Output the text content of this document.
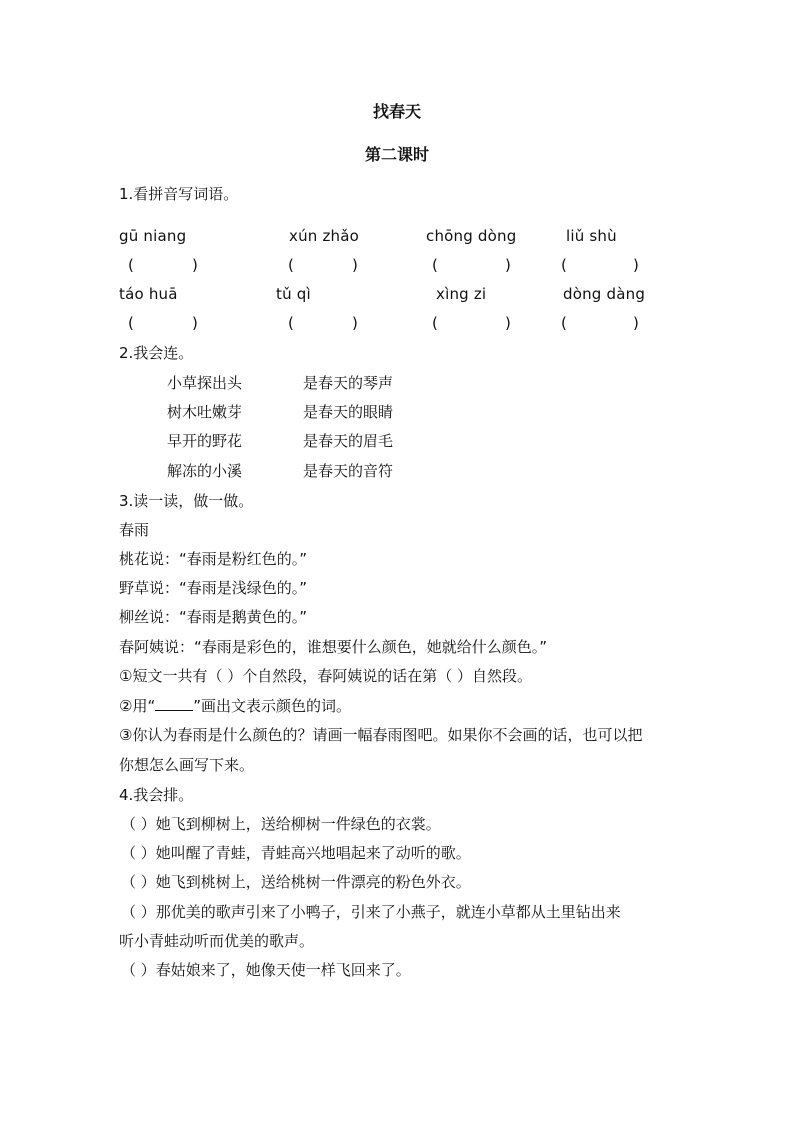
找春天
第二课时
1.看拼音写词语。
gū niang	xún zhǎo	chōng dòng	liǔ shù
(	)	(	)	(	)	(	)
táo huā	tǔ qì	xìng zi	dòng dàng
(	)	(	)	(	)	(	)
2.我会连。
小草探出头	是春天的琴声
树木吐嫩芽	是春天的眼睛
早开的野花	是春天的眉毛
解冻的小溪	是春天的音符
3.读一读，做一做。
春雨
桃花说：“春雨是粉红色的。”
野草说：“春雨是浅绿色的。”
柳丝说：“春雨是鹅黄色的。”
春阿姨说：“春雨是彩色的，谁想要什么颜色，她就给什么颜色。”
①短文一共有（ ）个自然段，春阿姨说的话在第（ ）自然段。
②用“	”画出文表示颜色的词。
③你认为春雨是什么颜色的？请画一幅春雨图吧。如果你不会画的话，也可以把
你想怎么画写下来。
4.我会排。
（ ）她飞到柳树上，送给柳树一件绿色的衣裳。
（ ）她叫醒了青蛙，青蛙高兴地唱起来了动听的歌。
（ ）她飞到桃树上，送给桃树一件漂亮的粉色外衣。
（ ）那优美的歌声引来了小鸭子，引来了小燕子，就连小草都从土里钻出来
听小青蛙动听而优美的歌声。
（ ）春姑娘来了，她像天使一样飞回来了。
